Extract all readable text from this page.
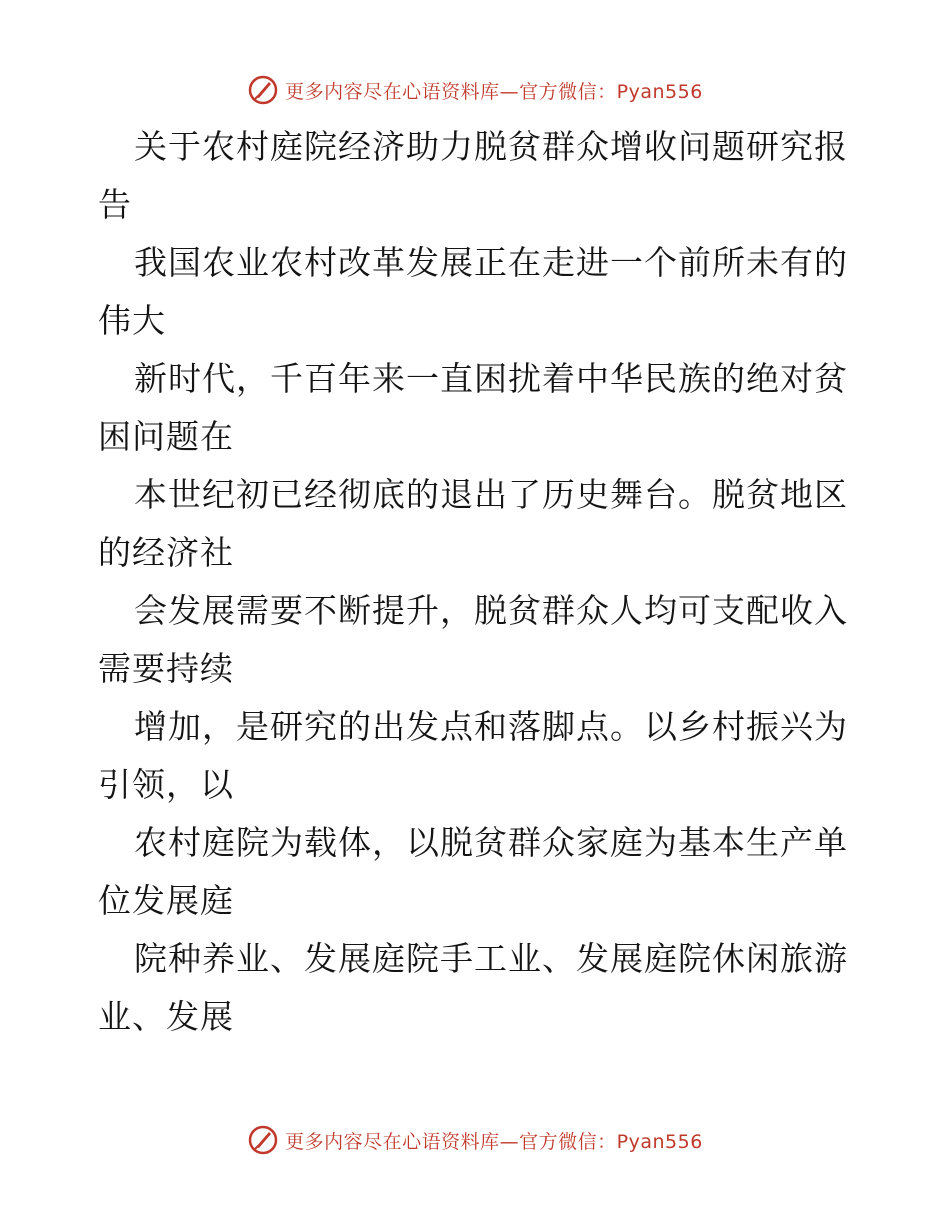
更多内容尽在心语资料库—官方微信：Pyan556
关于农村庭院经济助力脱贫群众增收问题研究报
告
我国农业农村改革发展正在走进一个前所未有的
伟大
新时代，千百年来一直困扰着中华民族的绝对贫
困问题在
本世纪初已经彻底的退出了历史舞台。脱贫地区
的经济社
会发展需要不断提升，脱贫群众人均可支配收入
需要持续
增加，是研究的出发点和落脚点。以乡村振兴为
引领，以
农村庭院为载体，以脱贫群众家庭为基本生产单
位发展庭
院种养业、发展庭院手工业、发展庭院休闲旅游
业、发展
更多内容尽在心语资料库—官方微信：Pyan556
